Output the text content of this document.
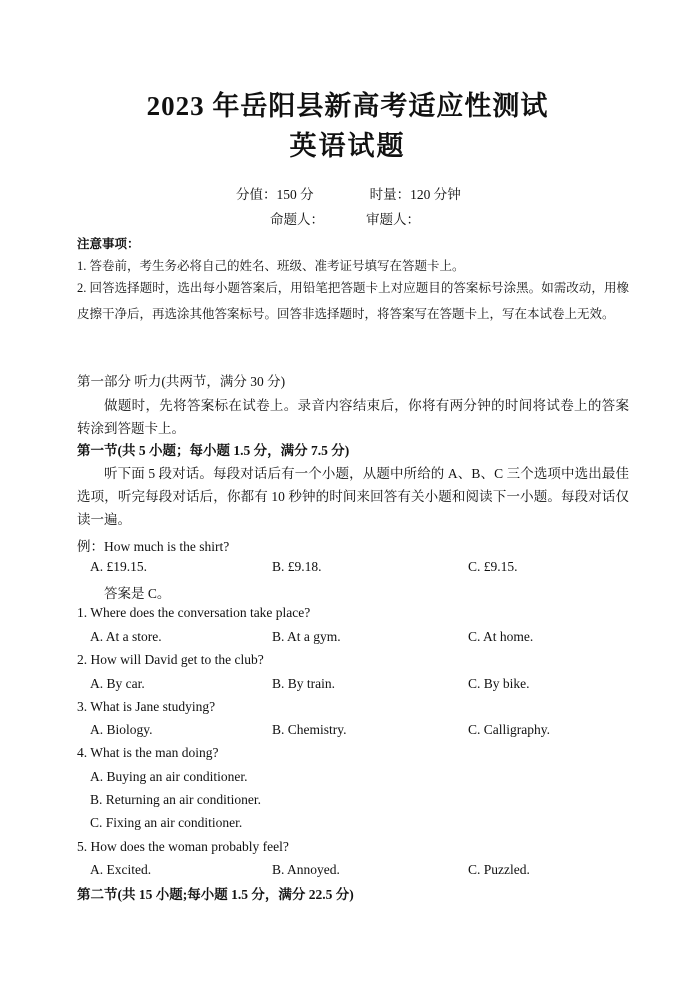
2023 年岳阳县新高考适应性测试
英语试题
分值：150 分	时量：120 分钟
命题人：	审题人：
注意事项：
1. 答卷前，考生务必将自己的姓名、班级、准考证号填写在答题卡上。
2. 回答选择题时，选出每小题答案后，用铅笔把答题卡上对应题目的答案标号涂黑。如需改动，用橡皮擦干净后，再选涂其他答案标号。回答非选择题时，将答案写在答题卡上，写在本试卷上无效。
第一部分 听力(共两节，满分 30 分)
做题时，先将答案标在试卷上。录音内容结束后，你将有两分钟的时间将试卷上的答案转涂到答题卡上。
第一节(共 5 小题；每小题 1.5 分，满分 7.5 分)
听下面 5 段对话。每段对话后有一个小题，从题中所给的 A、B、C 三个选项中选出最佳选项，听完每段对话后，你都有 10 秒钟的时间来回答有关小题和阅读下一小题。每段对话仅读一遍。
例：How much is the shirt?
A. £19.15.	B. £9.18.	C. £9.15.
答案是 C。
1. Where does the conversation take place?
A. At a store.	B. At a gym.	C. At home.
2. How will David get to the club?
A. By car.	B. By train.	C. By bike.
3. What is Jane studying?
A. Biology.	B. Chemistry.	C. Calligraphy.
4. What is the man doing?
A. Buying an air conditioner.
B. Returning an air conditioner.
C. Fixing an air conditioner.
5. How does the woman probably feel?
A. Excited.	B. Annoyed.	C. Puzzled.
第二节(共 15 小题;每小题 1.5 分，满分 22.5 分)
